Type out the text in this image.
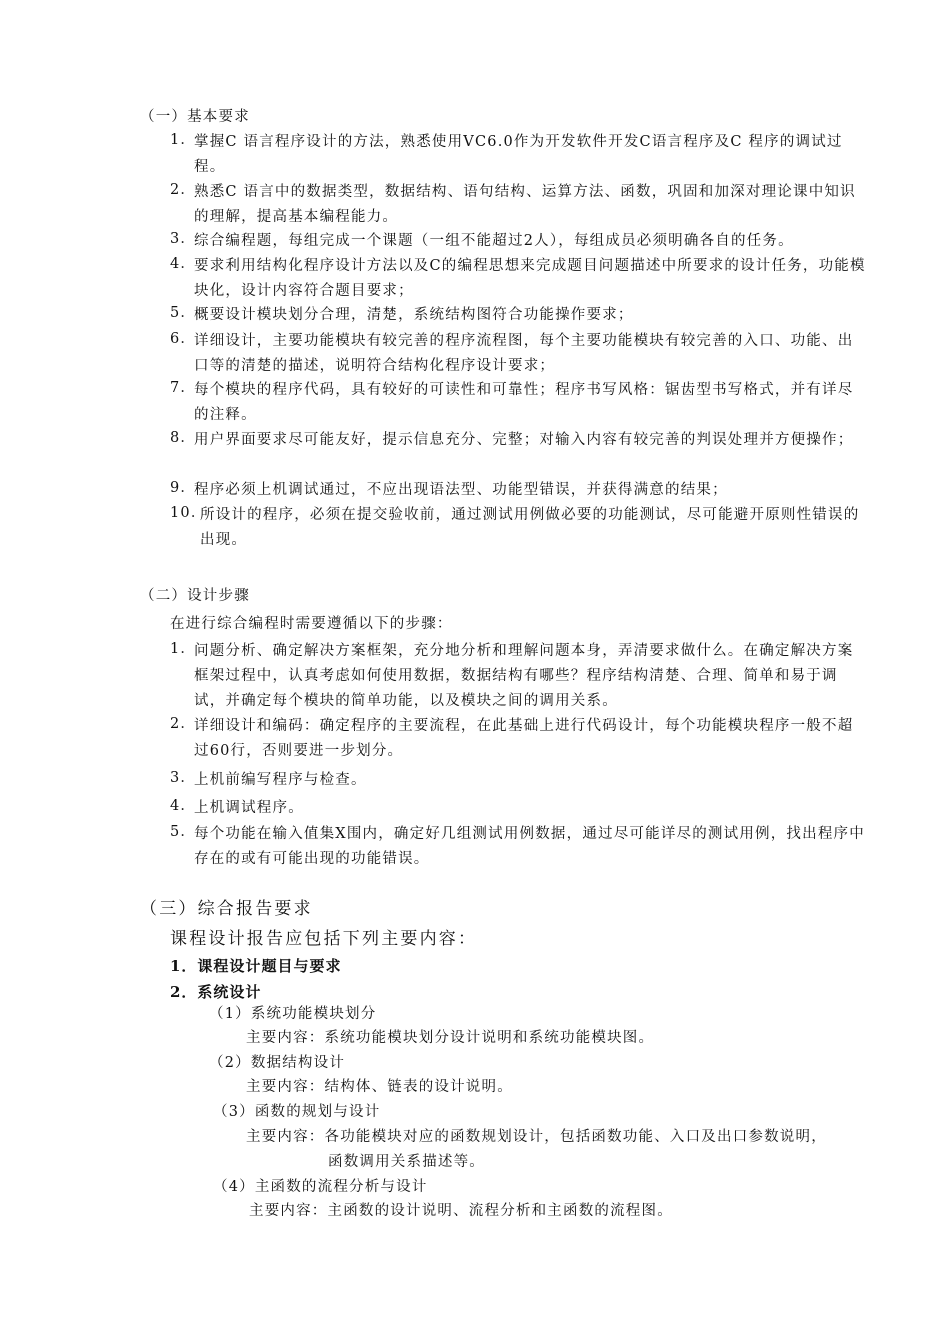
（一）基本要求
1．
掌握C 语言程序设计的方法，熟悉使用VC6.0作为开发软件开发C语言程序及C 程序的调试过程。
2．
熟悉C 语言中的数据类型，数据结构、语句结构、运算方法、函数，巩固和加深对理论课中知识的理解，提高基本编程能力。
3．
综合编程题，每组完成一个课题（一组不能超过2人），每组成员必须明确各自的任务。
4．
要求利用结构化程序设计方法以及C的编程思想来完成题目问题描述中所要求的设计任务，功能模块化，设计内容符合题目要求；
5．
概要设计模块划分合理，清楚，系统结构图符合功能操作要求；
6．
详细设计，主要功能模块有较完善的程序流程图，每个主要功能模块有较完善的入口、功能、出口等的清楚的描述，说明符合结构化程序设计要求；
7．
每个模块的程序代码，具有较好的可读性和可靠性；程序书写风格：锯齿型书写格式，并有详尽的注释。
8．
用户界面要求尽可能友好，提示信息充分、完整；对输入内容有较完善的判误处理并方便操作；
9．
程序必须上机调试通过，不应出现语法型、功能型错误，并获得满意的结果；
10．
所设计的程序，必须在提交验收前，通过测试用例做必要的功能测试，尽可能避开原则性错误的出现。
（二）设计步骤
在进行综合编程时需要遵循以下的步骤：
1．
问题分析、确定解决方案框架，充分地分析和理解问题本身，弄清要求做什么。在确定解决方案框架过程中，认真考虑如何使用数据，数据结构有哪些？程序结构清楚、合理、简单和易于调试，并确定每个模块的简单功能，以及模块之间的调用关系。
2．
详细设计和编码：确定程序的主要流程，在此基础上进行代码设计，每个功能模块程序一般不超过60行，否则要进一步划分。
3．
上机前编写程序与检查。
4．
上机调试程序。
5．
每个功能在输入值集X围内，确定好几组测试用例数据，通过尽可能详尽的测试用例，找出程序中存在的或有可能出现的功能错误。
（三）综合报告要求
课程设计报告应包括下列主要内容：
1．课程设计题目与要求
2．系统设计
（1）系统功能模块划分
主要内容：系统功能模块划分设计说明和系统功能模块图。
（2）数据结构设计
主要内容：结构体、链表的设计说明。
（3）函数的规划与设计
主要内容：各功能模块对应的函数规划设计，包括函数功能、入口及出口参数说明，
函数调用关系描述等。
（4）主函数的流程分析与设计
主要内容：主函数的设计说明、流程分析和主函数的流程图。
